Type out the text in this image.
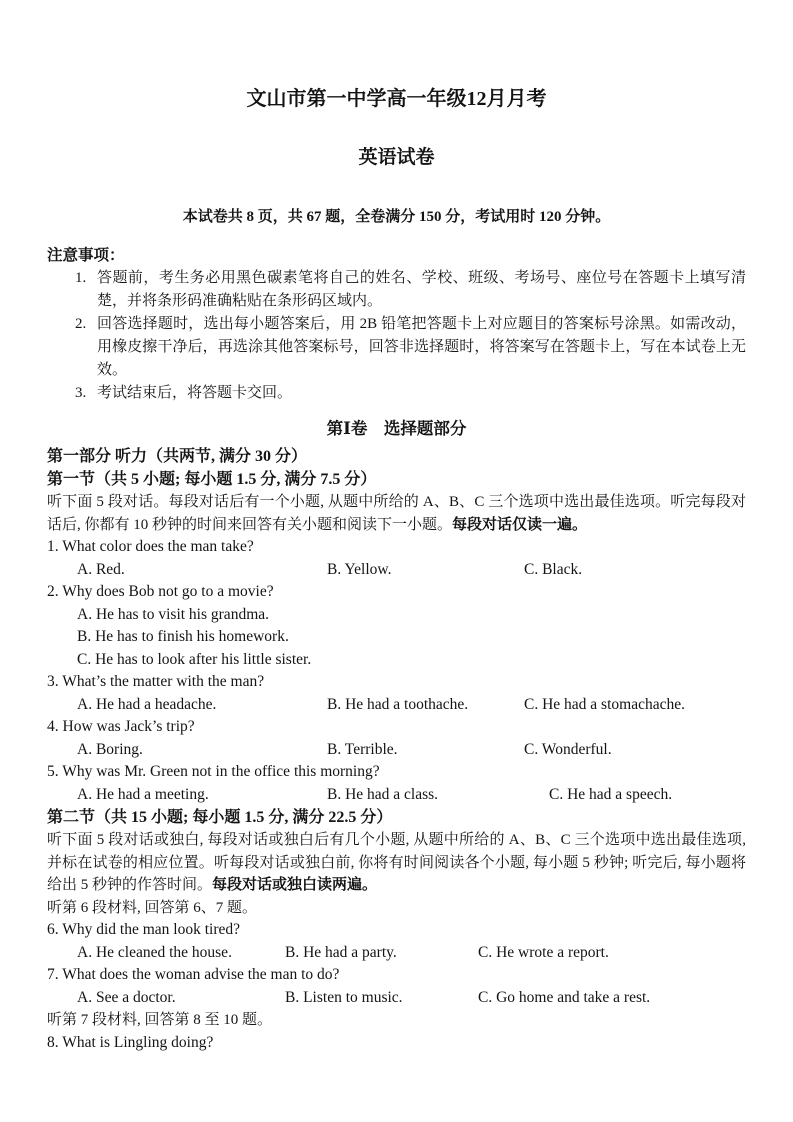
文山市第一中学高一年级12月月考
英语试卷
本试卷共 8 页，共 67 题，全卷满分 150 分，考试用时 120 分钟。
注意事项：
1. 答题前，考生务必用黑色碳素笔将自己的姓名、学校、班级、考场号、座位号在答题卡上填写清楚，并将条形码准确粘贴在条形码区域内。
2. 回答选择题时，选出每小题答案后，用 2B 铅笔把答题卡上对应题目的答案标号涂黑。如需改动，用橡皮擦干净后，再选涂其他答案标号，回答非选择题时，将答案写在答题卡上，写在本试卷上无效。
3. 考试结束后，将答题卡交回。
第Ⅰ卷　选择题部分
第一部分 听力（共两节, 满分 30 分）
第一节（共 5 小题; 每小题 1.5 分, 满分 7.5 分）

听下面 5 段对话。每段对话后有一个小题, 从题中所给的 A、B、C 三个选项中选出最佳选项。听完每段对话后, 你都有 10 秒钟的时间来回答有关小题和阅读下一小题。每段对话仅读一遍。

1. What color does the man take?
A. Red.	B. Yellow.	C. Black.
2. Why does Bob not go to a movie?
A. He has to visit his grandma.
B. He has to finish his homework.
C. He has to look after his little sister.
3. What’s the matter with the man?
A. He had a headache.	B. He had a toothache.	C. He had a stomachache.
4. How was Jack’s trip?
A. Boring.	B. Terrible.	C. Wonderful.
5. Why was Mr. Green not in the office this morning?
A. He had a meeting.	B. He had a class.	C. He had a speech.
第二节（共 15 小题; 每小题 1.5 分, 满分 22.5 分）

听下面 5 段对话或独白, 每段对话或独白后有几个小题, 从题中所给的 A、B、C 三个选项中选出最佳选项, 并标在试卷的相应位置。听每段对话或独白前, 你将有时间阅读各个小题, 每小题 5 秒钟; 听完后, 每小题将给出 5 秒钟的作答时间。每段对话或独白读两遍。

听第 6 段材料, 回答第 6、7 题。
6. Why did the man look tired?
A. He cleaned the house.	B. He had a party.	C. He wrote a report.
7. What does the woman advise the man to do?
A. See a doctor.	B. Listen to music.	C. Go home and take a rest.
听第 7 段材料, 回答第 8 至 10 题。
8. What is Lingling doing?
